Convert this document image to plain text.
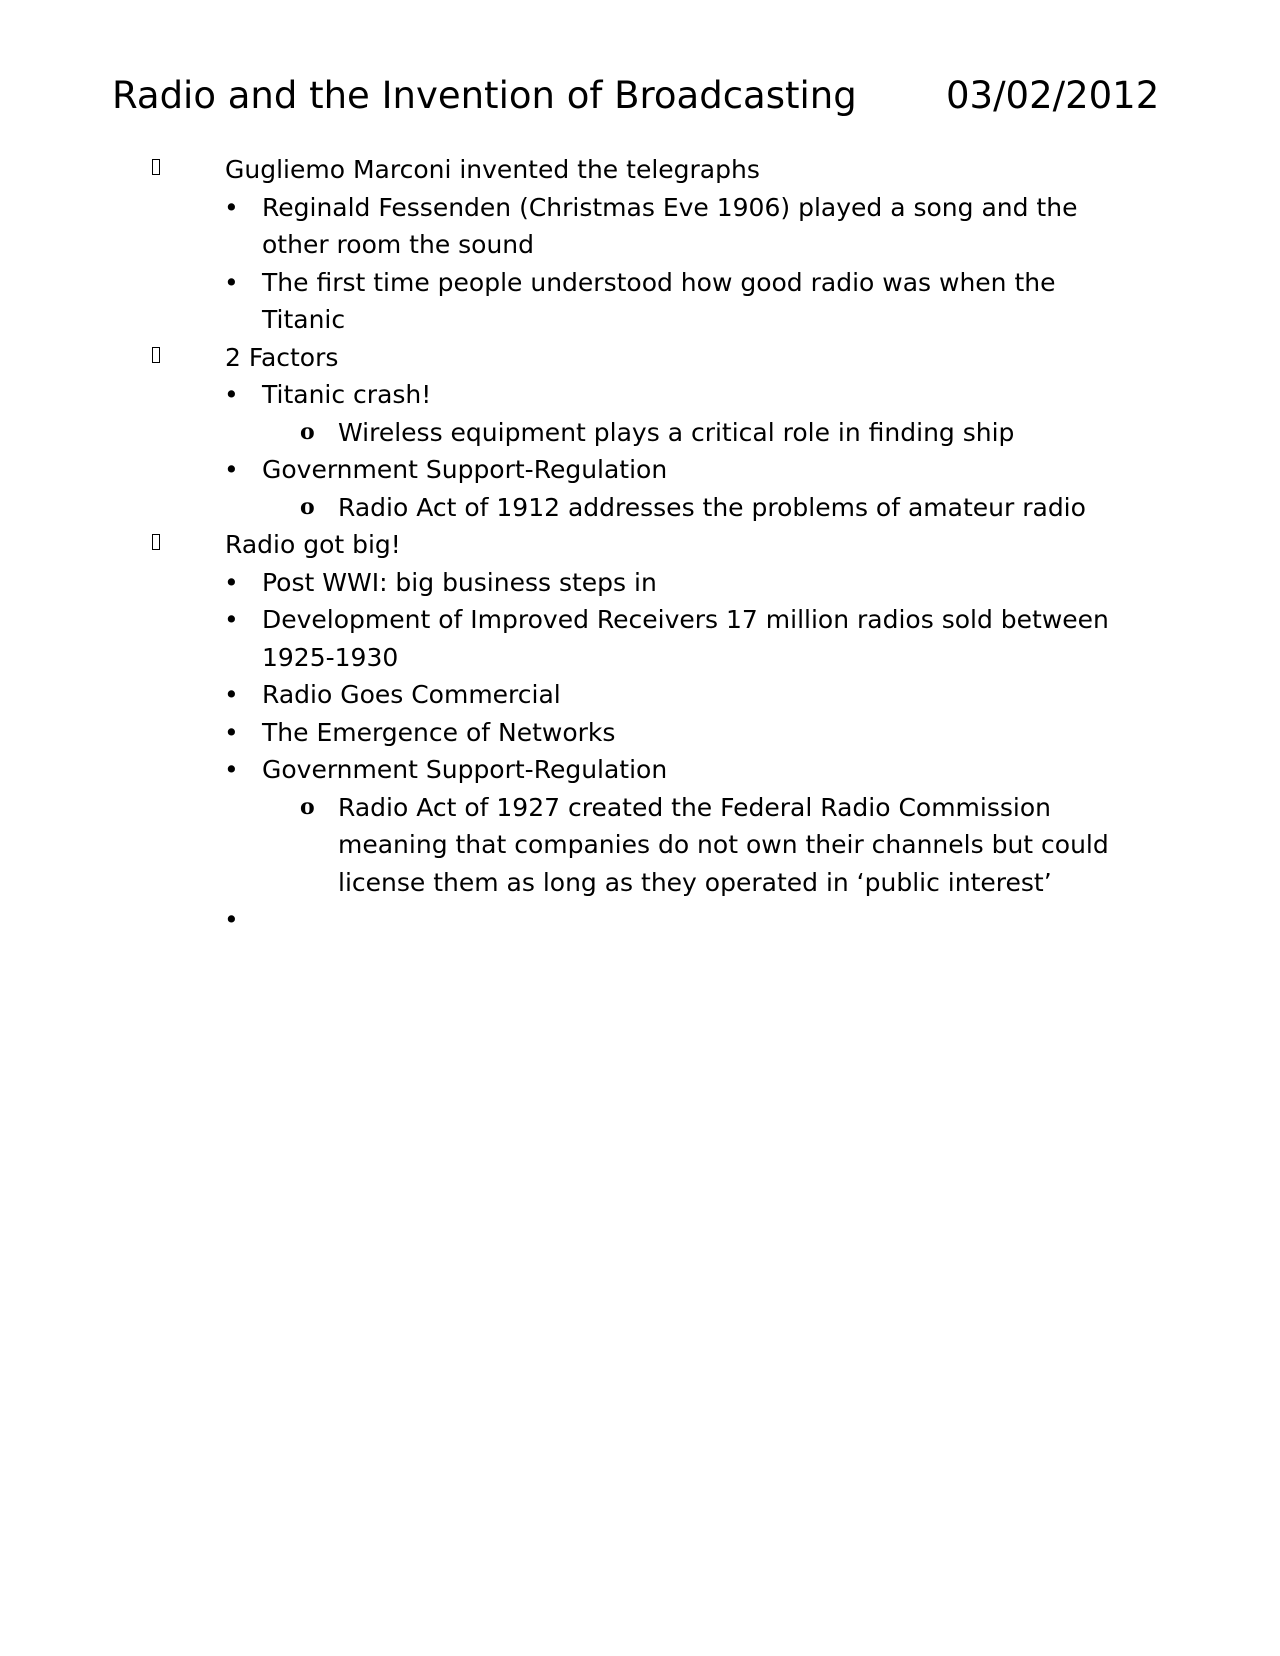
Radio and the Invention of Broadcasting 03/02/2012
Gugliemo Marconi invented the telegraphs
• Reginald Fessenden (Christmas Eve 1906) played a song and the other room the sound
• The first time people understood how good radio was when the Titanic
2 Factors
• Titanic crash!
o Wireless equipment plays a critical role in finding ship
• Government Support-Regulation
o Radio Act of 1912 addresses the problems of amateur radio
Radio got big!
• Post WWI: big business steps in
• Development of Improved Receivers 17 million radios sold between 1925-1930
• Radio Goes Commercial
• The Emergence of Networks
• Government Support-Regulation
o Radio Act of 1927 created the Federal Radio Commission meaning that companies do not own their channels but could license them as long as they operated in ‘public interest’
•
